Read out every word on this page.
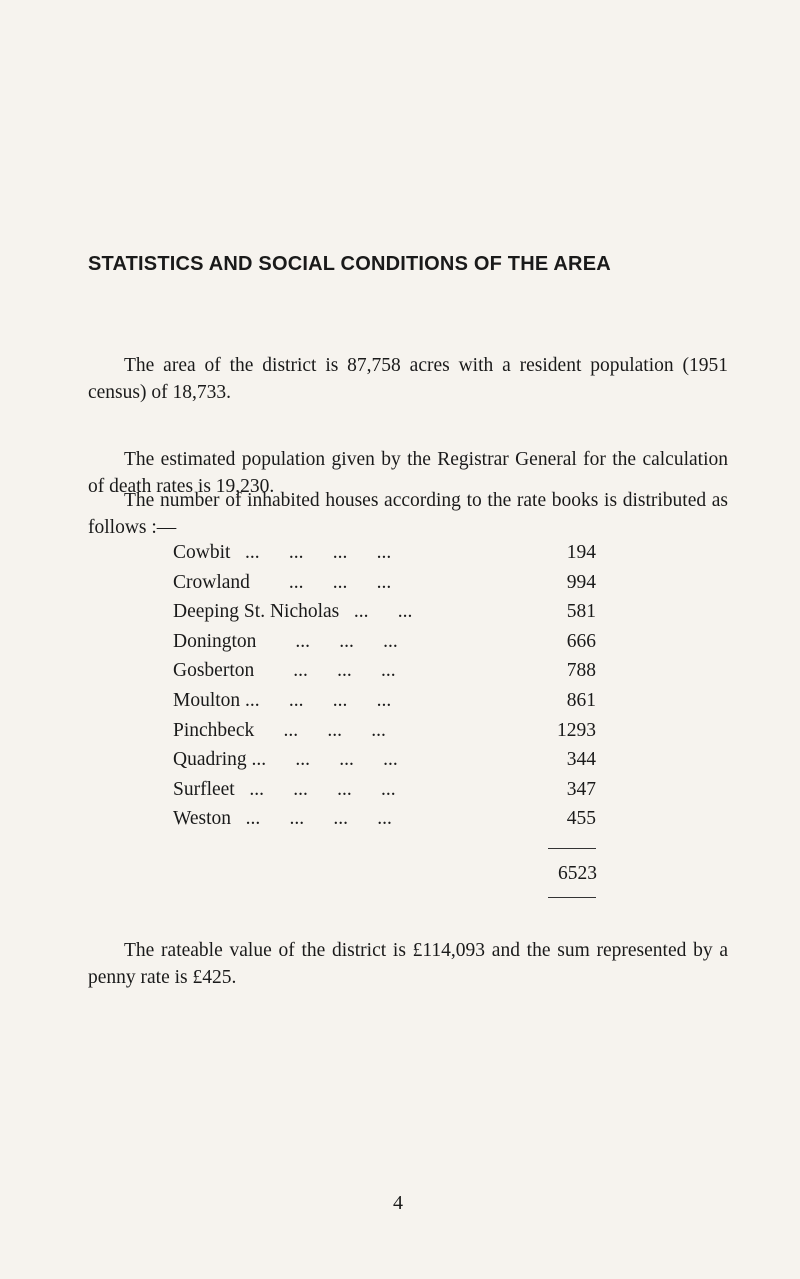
STATISTICS AND SOCIAL CONDITIONS OF THE AREA

The area of the district is 87,758 acres with a resident population (1951 census) of 18,733.

The estimated population given by the Registrar General for the calculation of death rates is 19,230.

The number of inhabited houses according to the rate books is distributed as follows :—

Cowbit   ...      ...      ...      ...	194
Crowland        ...      ...      ...	994
Deeping St. Nicholas   ...      ...	581
Donington        ...      ...      ...	666
Gosberton        ...      ...      ...	788
Moulton ...      ...      ...      ...	861
Pinchbeck      ...      ...      ...	1293
Quadring ...      ...      ...      ...	344
Surfleet   ...      ...      ...      ...	347
Weston   ...      ...      ...      ...	455
6523

The rateable value of the district is £114,093 and the sum represented by a penny rate is £425.

4
